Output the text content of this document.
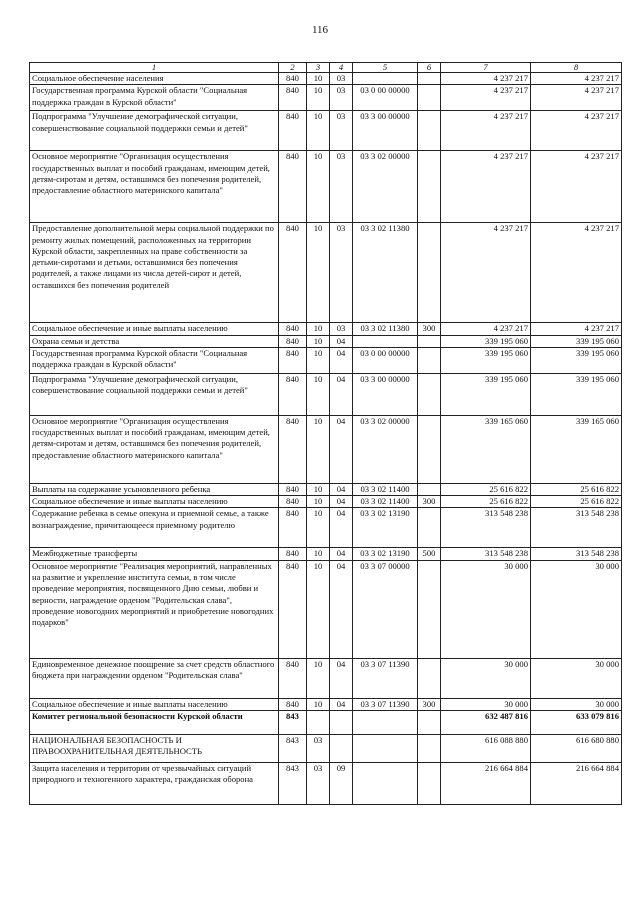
116
1	2	3	4	5	6	7	8
Социальное обеспечение населения	840	10	03			4 237 217	4 237 217
Государственная программа Курской области "Социальная поддержка граждан в Курской области"	840	10	03	03 0 00 00000		4 237 217	4 237 217
Подпрограмма "Улучшение демографической ситуации, совершенствование социальной поддержки семьи и детей"	840	10	03	03 3 00 00000		4 237 217	4 237 217
Основное мероприятие "Организация осуществления государственных выплат и пособий гражданам, имеющим детей, детям-сиротам и детям, оставшимся без попечения родителей, предоставление областного материнского капитала"	840	10	03	03 3 02 00000		4 237 217	4 237 217
Предоставление дополнительной меры социальной поддержки по ремонту жилых помещений, расположенных на территории Курской области, закрепленных на праве собственности за детьми-сиротами и детьми, оставшимися без попечения родителей, а также лицами из числа детей-сирот и детей, оставшихся без попечения родителей	840	10	03	03 3 02 11380		4 237 217	4 237 217
Социальное обеспечение и иные выплаты населению	840	10	03	03 3 02 11380	300	4 237 217	4 237 217
Охрана семьи и детства	840	10	04			339 195 060	339 195 060
Государственная программа Курской области "Социальная поддержка граждан в Курской области"	840	10	04	03 0 00 00000		339 195 060	339 195 060
Подпрограмма "Улучшение демографической ситуации, совершенствование социальной поддержки семьи и детей"	840	10	04	03 3 00 00000		339 195 060	339 195 060
Основное мероприятие "Организация осуществления государственных выплат и пособий гражданам, имеющим детей, детям-сиротам и детям, оставшимся без попечения родителей, предоставление областного материнского капитала"	840	10	04	03 3 02 00000		339 165 060	339 165 060
Выплаты на содержание усыновленного ребенка	840	10	04	03 3 02 11400		25 616 822	25 616 822
Социальное обеспечение и иные выплаты населению	840	10	04	03 3 02 11400	300	25 616 822	25 616 822
Содержание ребенка в семье опекуна и приемной семье, а также вознаграждение, причитающееся приемному родителю	840	10	04	03 3 02 13190		313 548 238	313 548 238
Межбюджетные трансферты	840	10	04	03 3 02 13190	500	313 548 238	313 548 238
Основное мероприятие "Реализация мероприятий, направленных на развитие и укрепление института семьи, в том числе проведение мероприятия, посвященного Дню семьи, любви и верности, награждение орденом "Родительская слава", проведение новогодних мероприятий и приобретение новогодних подарков"	840	10	04	03 3 07 00000		30 000	30 000
Единовременное денежное поощрение за счет средств областного бюджета при награждении орденом "Родительская слава"	840	10	04	03 3 07 11390		30 000	30 000
Социальное обеспечение и иные выплаты населению	840	10	04	03 3 07 11390	300	30 000	30 000
Комитет региональной безопасности Курской области	843					632 487 816	633 079 816
НАЦИОНАЛЬНАЯ БЕЗОПАСНОСТЬ И ПРАВООХРАНИТЕЛЬНАЯ ДЕЯТЕЛЬНОСТЬ	843	03				616 088 880	616 680 880
Защита населения и территории от чрезвычайных ситуаций природного и техногенного характера, гражданская оборона	843	03	09			216 664 884	216 664 884
